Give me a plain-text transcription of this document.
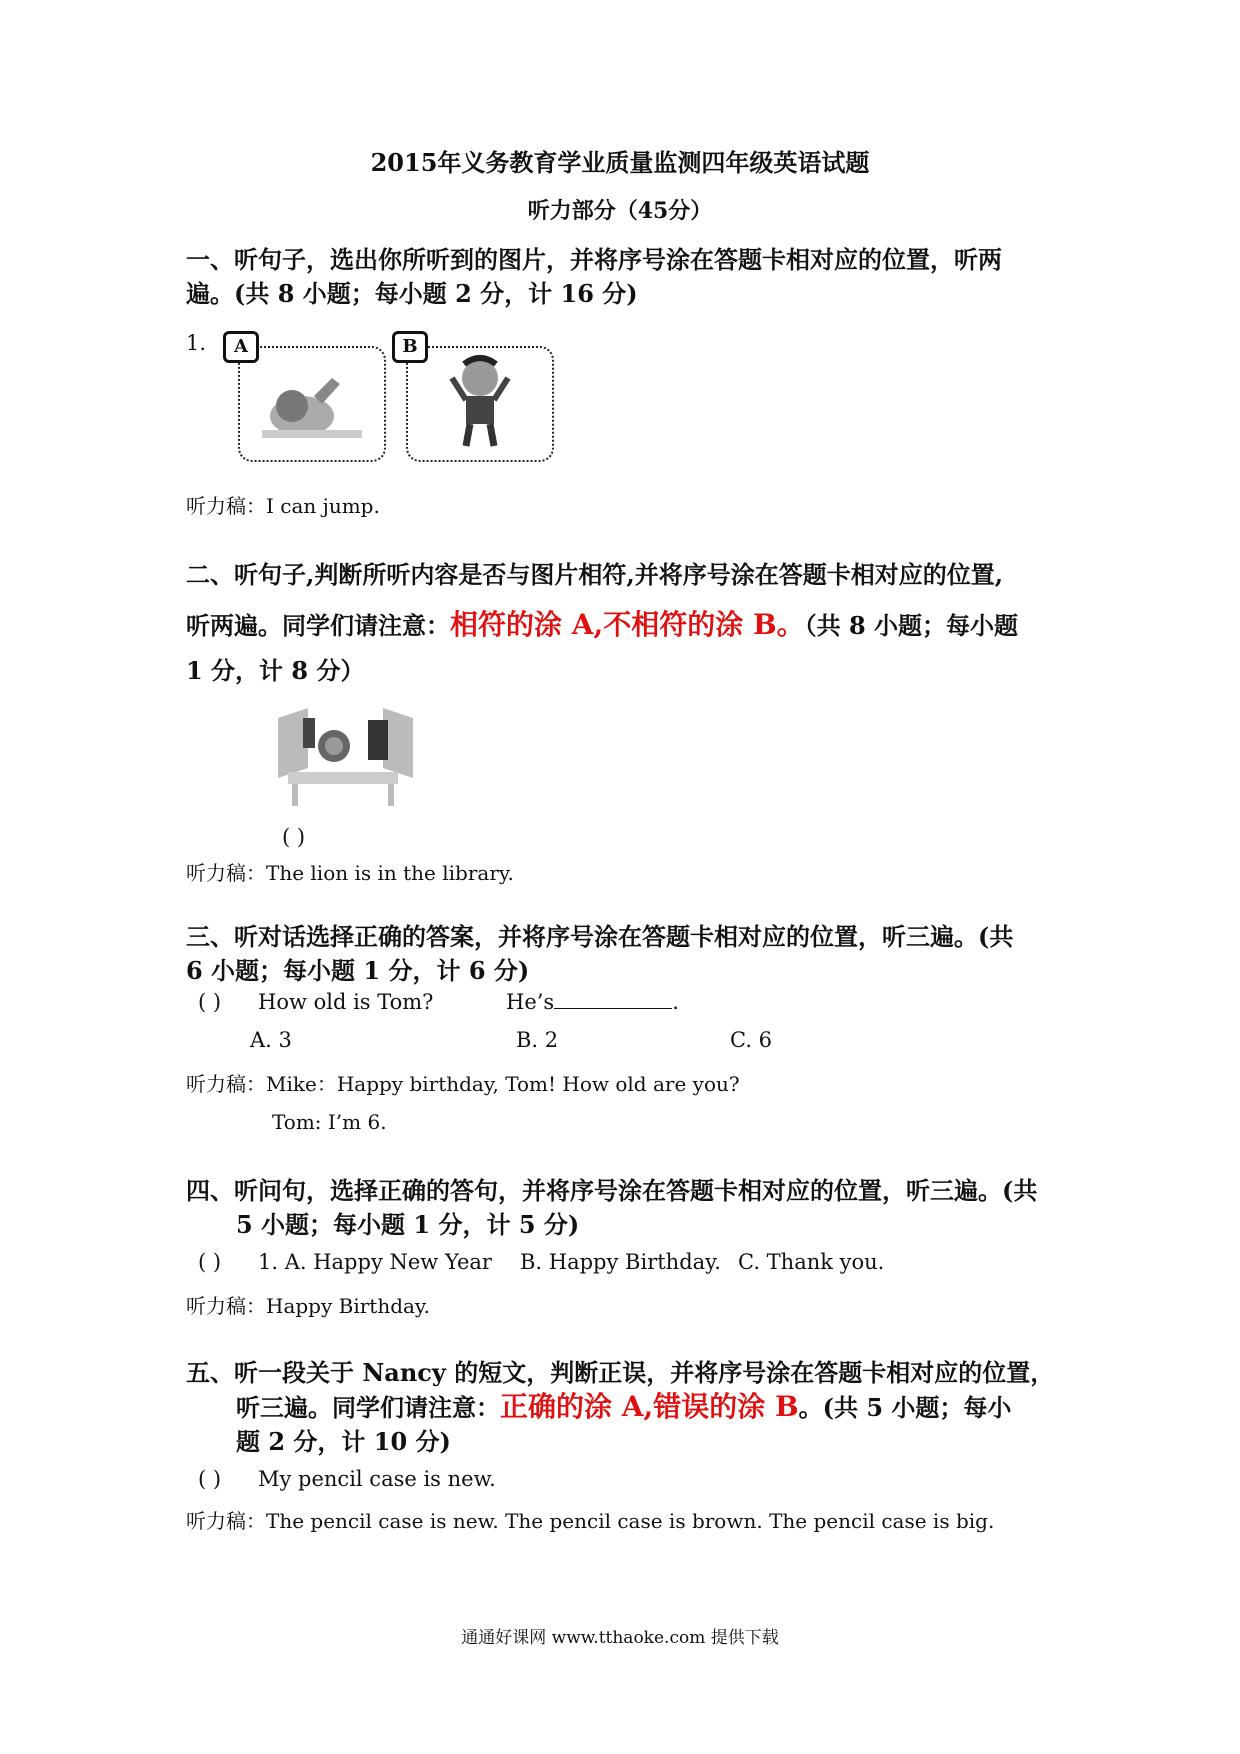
2015年义务教育学业质量监测四年级英语试题
听力部分（45分）
一、听句子，选出你所听到的图片，并将序号涂在答题卡相对应的位置，听两
遍。(共 8 小题；每小题 2 分，计 16 分)
1.	A	B
听力稿：I can jump.
二、听句子,判断所听内容是否与图片相符,并将序号涂在答题卡相对应的位置,
听两遍。同学们请注意：相符的涂 A,不相符的涂 B。（共 8 小题；每小题
1 分，计 8 分）
( )
听力稿：The lion is in the library.
三、听对话选择正确的答案，并将序号涂在答题卡相对应的位置，听三遍。(共
6 小题；每小题 1 分，计 6 分)
( ) How old is Tom?	He’s	.
A. 3	B. 2	C. 6
听力稿：Mike：Happy birthday, Tom! How old are you?
Tom: I’m 6.
四、听问句，选择正确的答句，并将序号涂在答题卡相对应的位置，听三遍。(共
5 小题；每小题 1 分，计 5 分)
( ) 1. A. Happy New Year B. Happy Birthday. C. Thank you.
听力稿：Happy Birthday.
五、听一段关于 Nancy 的短文，判断正误，并将序号涂在答题卡相对应的位置，
听三遍。同学们请注意：正确的涂 A,错误的涂 B。(共 5 小题；每小
题 2 分，计 10 分)
( ) My pencil case is new.
听力稿：The pencil case is new. The pencil case is brown. The pencil case is big.
通通好课网 www.tthaoke.com 提供下载
